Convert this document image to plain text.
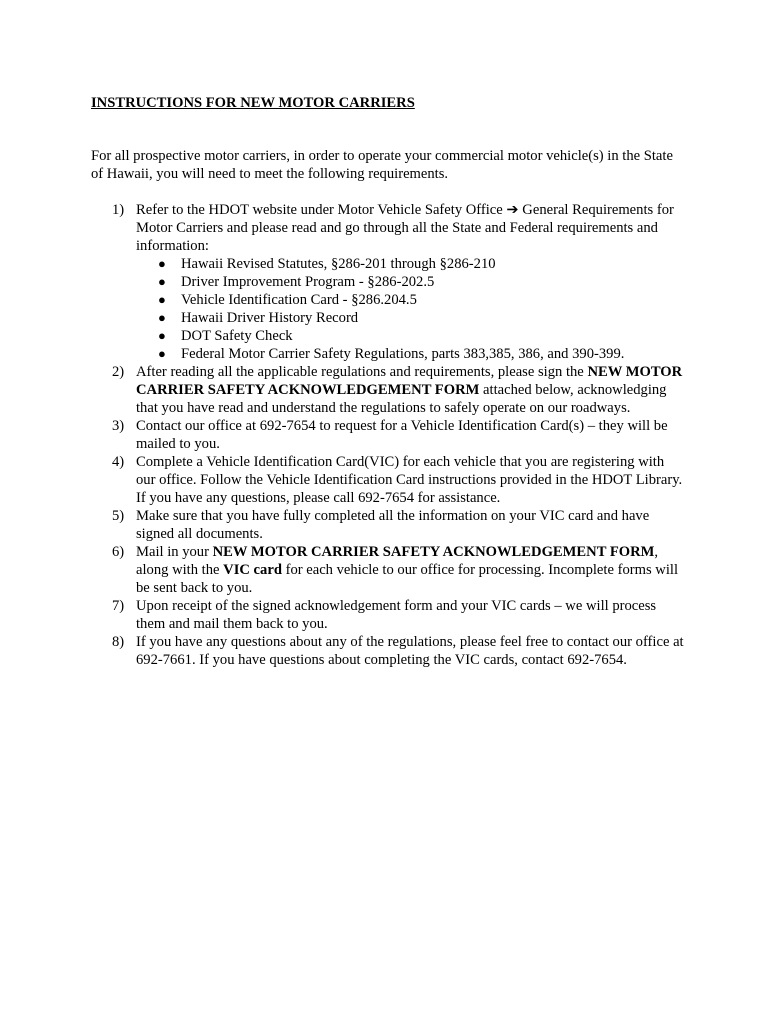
INSTRUCTIONS FOR NEW MOTOR CARRIERS

For all prospective motor carriers, in order to operate your commercial motor vehicle(s) in the State of Hawaii, you will need to meet the following requirements.

1) Refer to the HDOT website under Motor Vehicle Safety Office ➔ General Requirements for Motor Carriers and please read and go through all the State and Federal requirements and information:
● Hawaii Revised Statutes, §286-201 through §286-210
● Driver Improvement Program - §286-202.5
● Vehicle Identification Card - §286.204.5
● Hawaii Driver History Record
● DOT Safety Check
● Federal Motor Carrier Safety Regulations, parts 383,385, 386, and 390-399.
2) After reading all the applicable regulations and requirements, please sign the NEW MOTOR CARRIER SAFETY ACKNOWLEDGEMENT FORM attached below, acknowledging that you have read and understand the regulations to safely operate on our roadways.
3) Contact our office at 692-7654 to request for a Vehicle Identification Card(s) – they will be mailed to you.
4) Complete a Vehicle Identification Card(VIC) for each vehicle that you are registering with our office. Follow the Vehicle Identification Card instructions provided in the HDOT Library. If you have any questions, please call 692-7654 for assistance.
5) Make sure that you have fully completed all the information on your VIC card and have signed all documents.
6) Mail in your NEW MOTOR CARRIER SAFETY ACKNOWLEDGEMENT FORM, along with the VIC card for each vehicle to our office for processing. Incomplete forms will be sent back to you.
7) Upon receipt of the signed acknowledgement form and your VIC cards – we will process them and mail them back to you.
8) If you have any questions about any of the regulations, please feel free to contact our office at 692-7661. If you have questions about completing the VIC cards, contact 692-7654.
